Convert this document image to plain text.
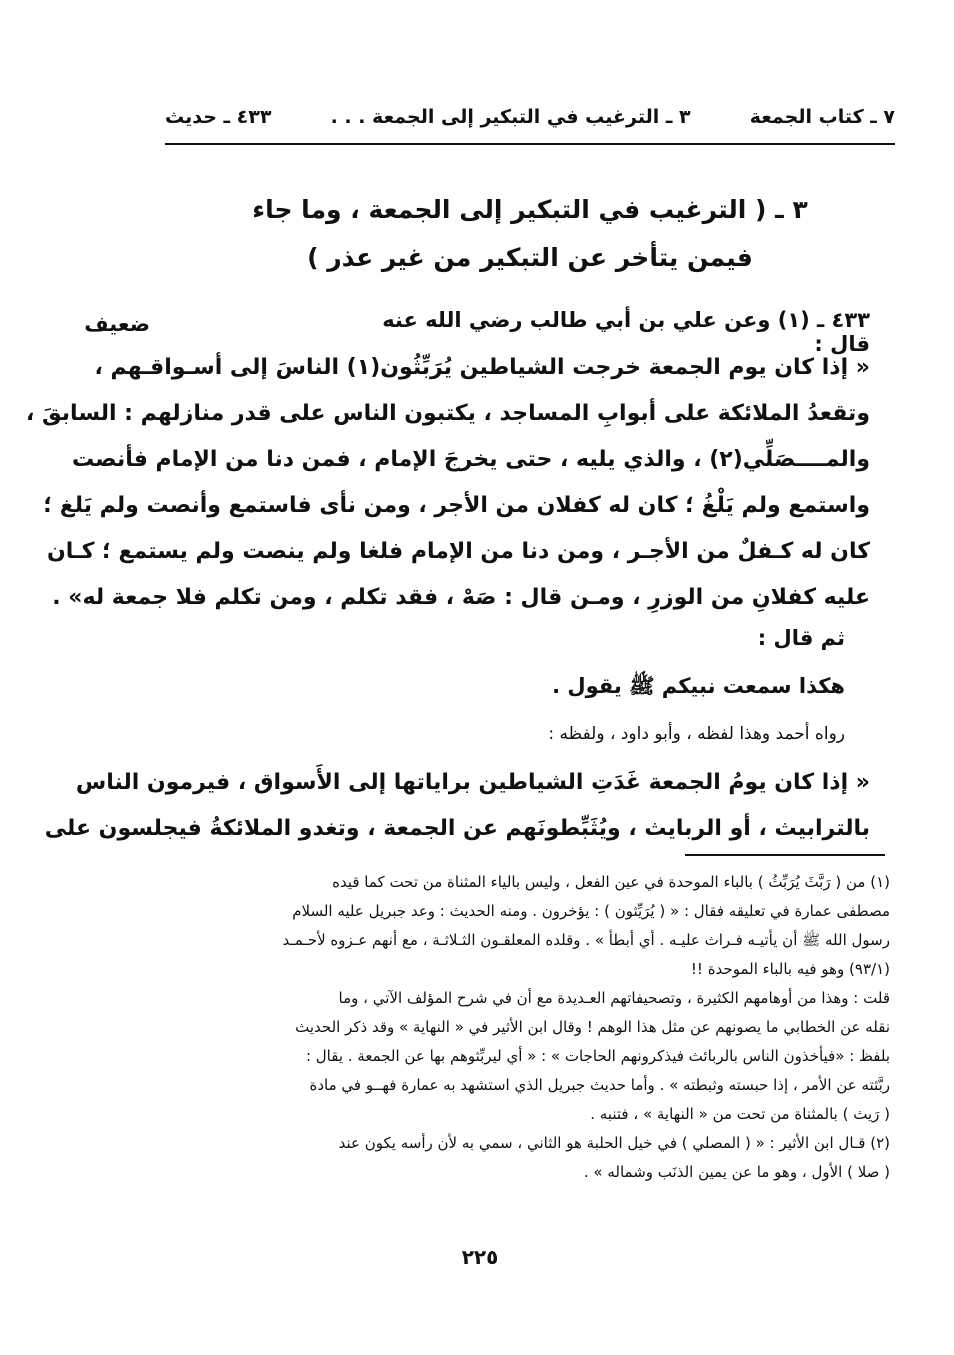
٧ ـ كتاب الجمعة
٣ ـ الترغيب في التبكير إلى الجمعة . . .
٤٣٣ ـ حديث
٣ ـ ( الترغيب في التبكير إلى الجمعة ، وما جاء
فيمن يتأخر عن التبكير من غير عذر )
ضعيف	٤٣٣ ـ (١) وعن علي بن أبي طالب رضي الله عنه قال :
« إذا كان يوم الجمعة خرجت الشياطين يُرَبِّثُون(١) الناسَ إلى أسـواقـهم ،
وتقعدُ الملائكة على أبوابِ المساجد ، يكتبون الناس على قدر منازلهم : السابقَ ،
والمــــصَلِّي(٢) ، والذي يليه ، حتى يخرجَ الإمام ، فمن دنا من الإمام فأنصت
واستمع ولم يَلْغُ ؛ كان له كفلان من الأجر ، ومن نأى فاستمع وأنصت ولم يَلغ ؛
كان له كـفلٌ من الأجـر ، ومن دنا من الإمام فلغا ولم ينصت ولم يستمع ؛ كـان
عليه كفلانِ من الوزرِ ، ومـن قال : صَهْ ، فقد تكلم ، ومن تكلم فلا جمعة له» .
ثم قال :
هكذا سمعت نبيكم ﷺ يقول .
رواه أحمد وهذا لفظه ، وأبو داود ، ولفظه :
« إذا كان يومُ الجمعة غَدَتِ الشياطين براياتها إلى الأَسواق ، فيرمون الناس
بالترابيث ، أو الربايث ، ويُثَبِّطونَهم عن الجمعة ، وتغدو الملائكةُ فيجلسون على
(١) من ( رَبَّثَ يُرَبِّثُ ) بالباء الموحدة في عين الفعل ، وليس بالياء المثناة من تحت كما قيده
مصطفى عمارة في تعليقه فقال : « ( يُرَيِّثون ) : يؤخرون . ومنه الحديث : وعد جبريل عليه السلام
رسول الله ﷺ أن يأتيـه فـراث عليـه . أي أبطأ » . وقلده المعلقـون الثـلاثـة ، مع أنهم عـزوه لأحـمـد
(٩٣/١) وهو فيه بالباء الموحدة !!
قلت : وهذا من أوهامهم الكثيرة ، وتصحيفاتهم العـديدة مع أن في شرح المؤلف الآتي ، وما
نقله عن الخطابي ما يصونهم عن مثل هذا الوهم ! وقال ابن الأثير في « النهاية » وقد ذكر الحديث
بلفظ : «فيأخذون الناس بالربائث فيذكرونهم الحاجات » : « أي ليربِّثوهم بها عن الجمعة . يقال :
ربَّثته عن الأمر ، إذا حبسته وثبطته » . وأما حديث جبريل الذي استشهد به عمارة فهــو في مادة
( رَيث ) بالمثناة من تحت من « النهاية » ، فتنبه .
(٢) قـال ابن الأثير : « ( المصلي ) في خيل الحلبة هو الثاني ، سمي به لأن رأسه يكون عند
( صلا ) الأول ، وهو ما عن يمين الذنَب وشماله » .
٢٢٥
